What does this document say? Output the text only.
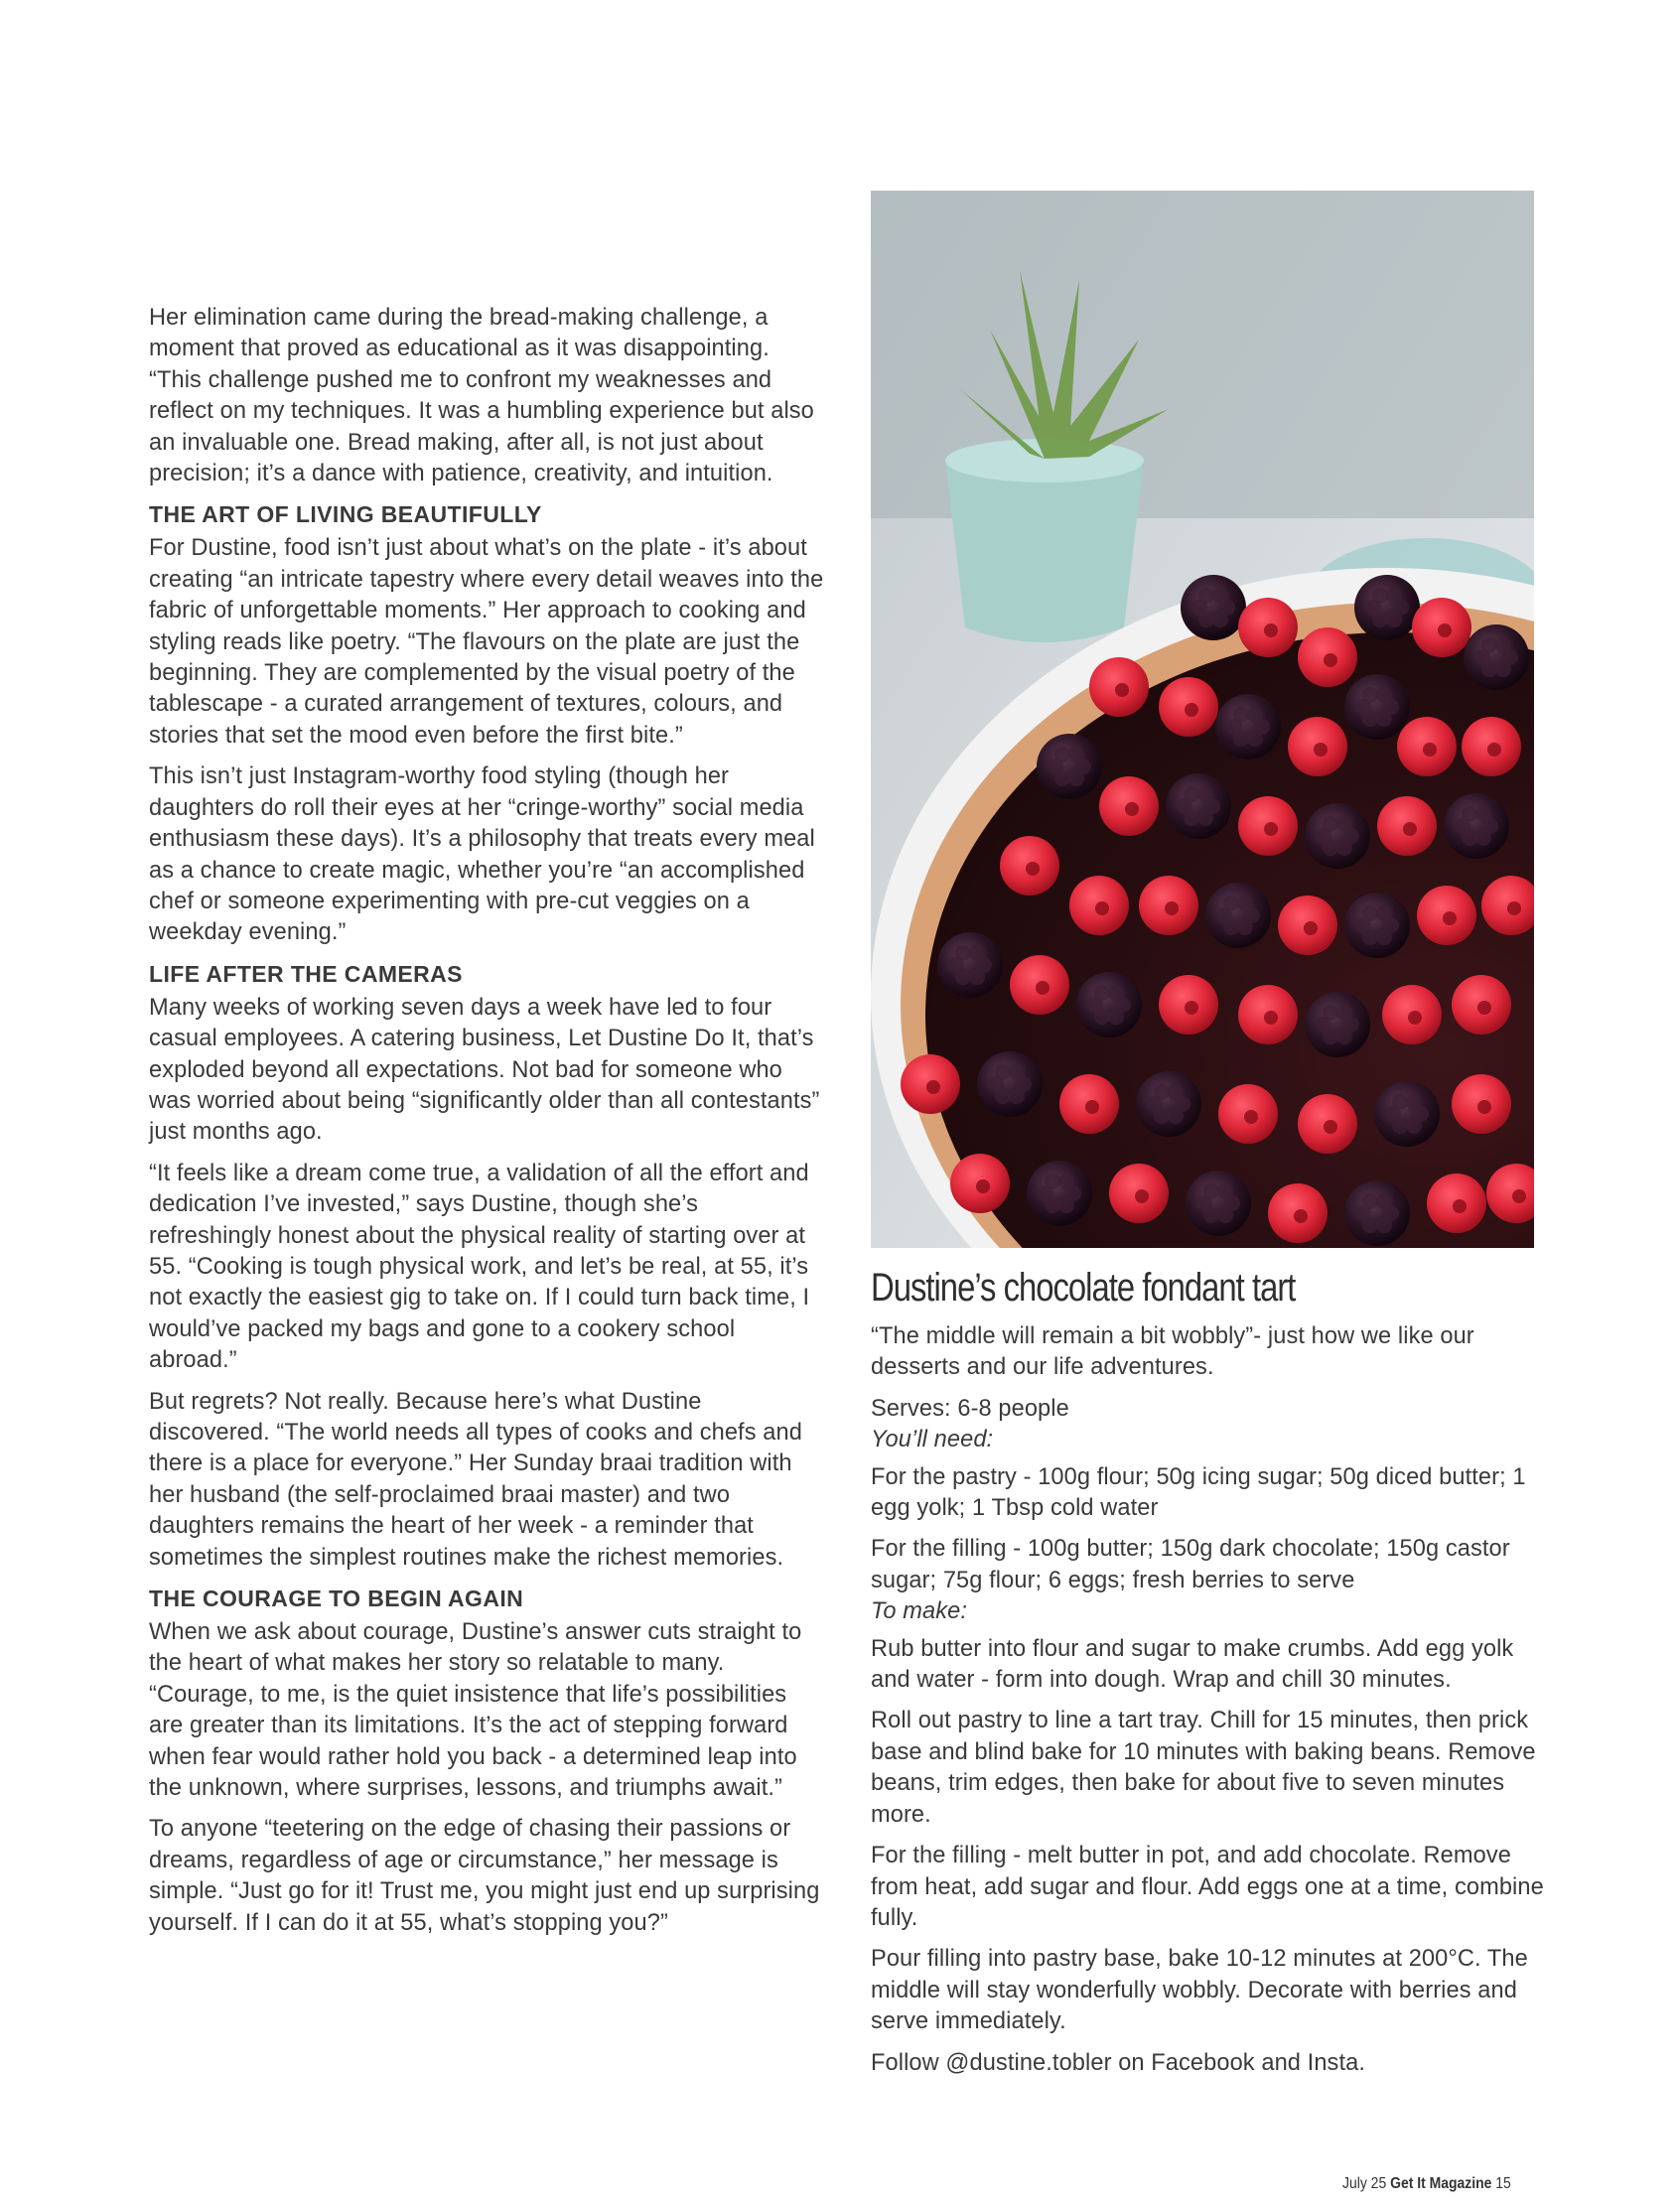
Her elimination came during the bread-making challenge, a moment that proved as educational as it was disappointing. “This challenge pushed me to confront my weaknesses and reflect on my techniques. It was a humbling experience but also an invaluable one. Bread making, after all, is not just about precision; it’s a dance with patience, creativity, and intuition.

THE ART OF LIVING BEAUTIFULLY

For Dustine, food isn’t just about what’s on the plate - it’s about creating “an intricate tapestry where every detail weaves into the fabric of unforgettable moments.” Her approach to cooking and styling reads like poetry. “The flavours on the plate are just the beginning. They are complemented by the visual poetry of the tablescape - a curated arrangement of textures, colours, and stories that set the mood even before the first bite.”

This isn’t just Instagram-worthy food styling (though her daughters do roll their eyes at her “cringe-worthy” social media enthusiasm these days). It’s a philosophy that treats every meal as a chance to create magic, whether you’re “an accomplished chef or someone experimenting with pre-cut veggies on a weekday evening.”

LIFE AFTER THE CAMERAS

Many weeks of working seven days a week have led to four casual employees. A catering business, Let Dustine Do It, that’s exploded beyond all expectations. Not bad for someone who was worried about being “significantly older than all contestants” just months ago.

“It feels like a dream come true, a validation of all the effort and dedication I’ve invested,” says Dustine, though she’s refreshingly honest about the physical reality of starting over at 55. “Cooking is tough physical work, and let’s be real, at 55, it’s not exactly the easiest gig to take on. If I could turn back time, I would’ve packed my bags and gone to a cookery school abroad.”

But regrets? Not really. Because here’s what Dustine discovered. “The world needs all types of cooks and chefs and there is a place for everyone.” Her Sunday braai tradition with her husband (the self-proclaimed braai master) and two daughters remains the heart of her week - a reminder that sometimes the simplest routines make the richest memories.

THE COURAGE TO BEGIN AGAIN

When we ask about courage, Dustine’s answer cuts straight to the heart of what makes her story so relatable to many. “Courage, to me, is the quiet insistence that life’s possibilities are greater than its limitations. It’s the act of stepping forward when fear would rather hold you back - a determined leap into the unknown, where surprises, lessons, and triumphs await.”

To anyone “teetering on the edge of chasing their passions or dreams, regardless of age or circumstance,” her message is simple. “Just go for it! Trust me, you might just end up surprising yourself. If I can do it at 55, what’s stopping you?”

Dustine’s chocolate fondant tart

“The middle will remain a bit wobbly”- just how we like our desserts and our life adventures.

Serves: 6-8 people

You’ll need:

For the pastry - 100g flour; 50g icing sugar; 50g diced butter; 1 egg yolk; 1 Tbsp cold water

For the filling - 100g butter; 150g dark chocolate; 150g castor sugar; 75g flour; 6 eggs; fresh berries to serve

To make:

Rub butter into flour and sugar to make crumbs. Add egg yolk and water - form into dough. Wrap and chill 30 minutes.

Roll out pastry to line a tart tray. Chill for 15 minutes, then prick base and blind bake for 10 minutes with baking beans. Remove beans, trim edges, then bake for about five to seven minutes more.

For the filling - melt butter in pot, and add chocolate. Remove from heat, add sugar and flour. Add eggs one at a time, combine fully.

Pour filling into pastry base, bake 10-12 minutes at 200°C. The middle will stay wonderfully wobbly. Decorate with berries and serve immediately.

Follow @dustine.tobler on Facebook and Insta.

July 25 Get It Magazine 15
